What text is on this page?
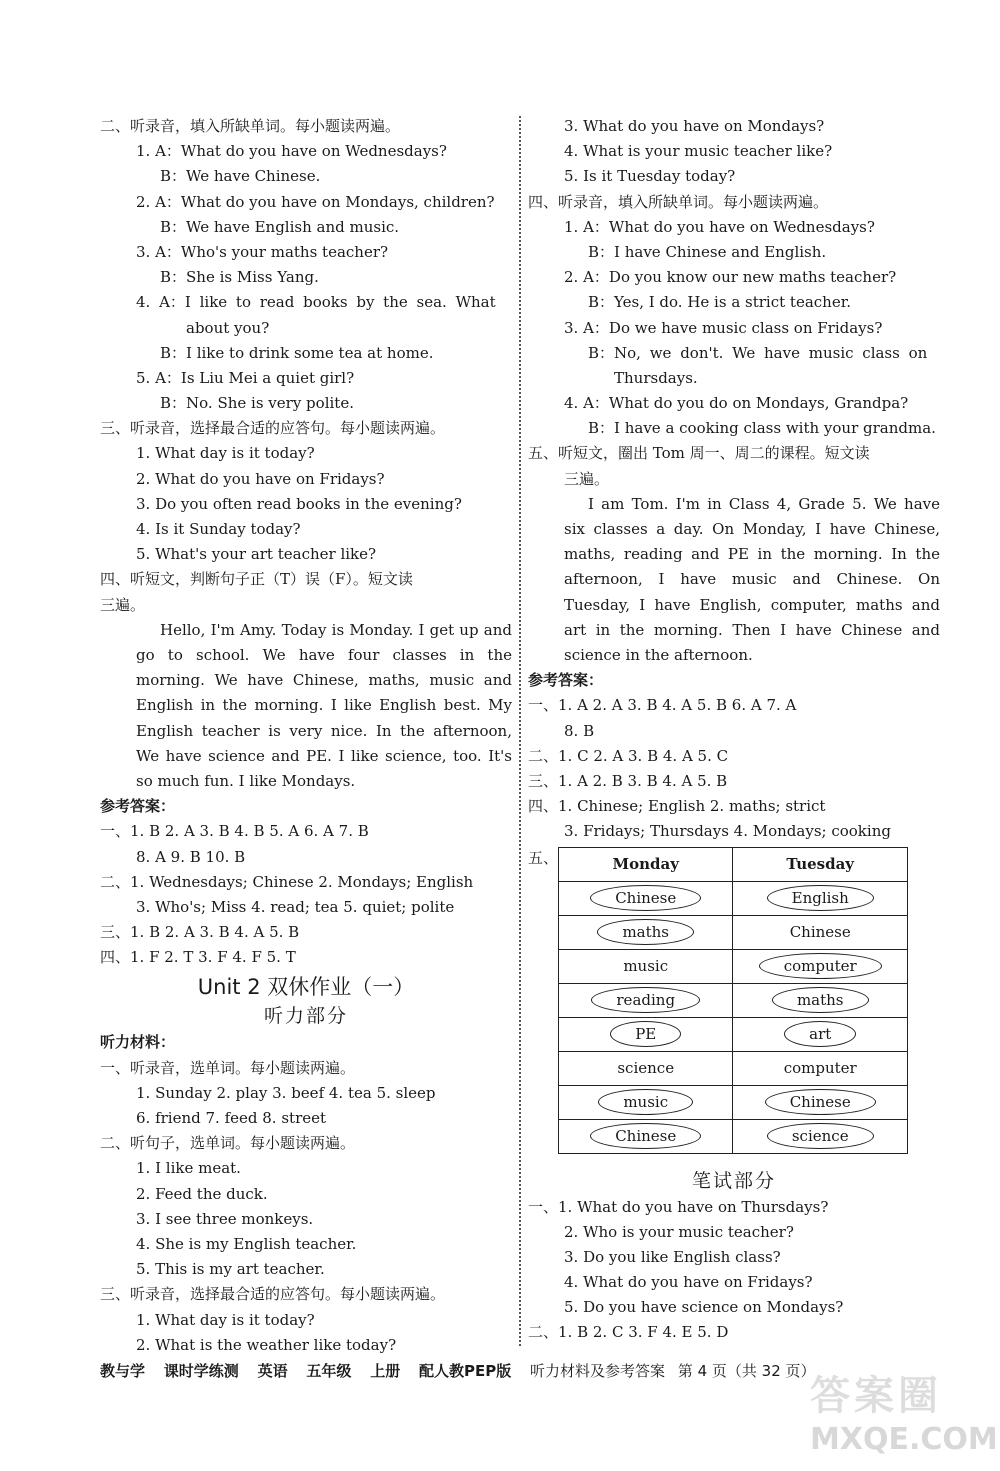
二、听录音，填入所缺单词。每小题读两遍。
1. A：What do you have on Wednesdays?
B：We have Chinese.
2. A：What do you have on Mondays, children?
B：We have English and music.
3. A：Who's your maths teacher?
B：She is Miss Yang.
4. A：I like to read books by the sea. What
about you?
B：I like to drink some tea at home.
5. A：Is Liu Mei a quiet girl?
B：No. She is very polite.
三、听录音，选择最合适的应答句。每小题读两遍。
1. What day is it today?
2. What do you have on Fridays?
3. Do you often read books in the evening?
4. Is it Sunday today?
5. What's your art teacher like?
四、听短文，判断句子正（T）误（F）。短文读
三遍。
Hello, I'm Amy. Today is Monday. I get up and go to school. We have four classes in the morning. We have Chinese, maths, music and English in the morning. I like English best. My English teacher is very nice. In the afternoon, We have science and PE. I like science, too. It's so much fun. I like Mondays.
参考答案：
一、1. B 2. A 3. B 4. B 5. A 6. A 7. B
8. A 9. B 10. B
二、1. Wednesdays; Chinese 2. Mondays; English
3. Who's; Miss 4. read; tea 5. quiet; polite
三、1. B 2. A 3. B 4. A 5. B
四、1. F 2. T 3. F 4. F 5. T
Unit 2 双休作业（一）
听力部分
听力材料：
一、听录音，选单词。每小题读两遍。
1. Sunday 2. play 3. beef 4. tea 5. sleep
6. friend 7. feed 8. street
二、听句子，选单词。每小题读两遍。
1. I like meat.
2. Feed the duck.
3. I see three monkeys.
4. She is my English teacher.
5. This is my art teacher.
三、听录音，选择最合适的应答句。每小题读两遍。
1. What day is it today?
2. What is the weather like today?
3. What do you have on Mondays?
4. What is your music teacher like?
5. Is it Tuesday today?
四、听录音，填入所缺单词。每小题读两遍。
1. A：What do you have on Wednesdays?
B：I have Chinese and English.
2. A：Do you know our new maths teacher?
B：Yes, I do. He is a strict teacher.
3. A：Do we have music class on Fridays?
B：No, we don't. We have music class on
Thursdays.
4. A：What do you do on Mondays, Grandpa?
B：I have a cooking class with your grandma.
五、听短文，圈出 Tom 周一、周二的课程。短文读
三遍。
I am Tom. I'm in Class 4, Grade 5. We have six classes a day. On Monday, I have Chinese, maths, reading and PE in the morning. In the afternoon, I have music and Chinese. On Tuesday, I have English, computer, maths and art in the morning. Then I have Chinese and science in the afternoon.
参考答案：
一、1. A 2. A 3. B 4. A 5. B 6. A 7. A
8. B
二、1. C 2. A 3. B 4. A 5. C
三、1. A 2. B 3. B 4. A 5. B
四、1. Chinese; English 2. maths; strict
3. Fridays; Thursdays 4. Mondays; cooking
五、	Monday	Tuesday
Chinese	English
maths	Chinese
music	computer
reading	maths
PE	art
science	computer
music	Chinese
Chinese	science
笔试部分
一、1. What do you have on Thursdays?
2. Who is your music teacher?
3. Do you like English class?
4. What do you have on Fridays?
5. Do you have science on Mondays?
二、1. B 2. C 3. F 4. E 5. D
教与学 课时学练测 英语 五年级 上册 配人教PEP版 听力材料及参考答案 第 4 页（共 32 页）
答案圈
MXQE.COM
